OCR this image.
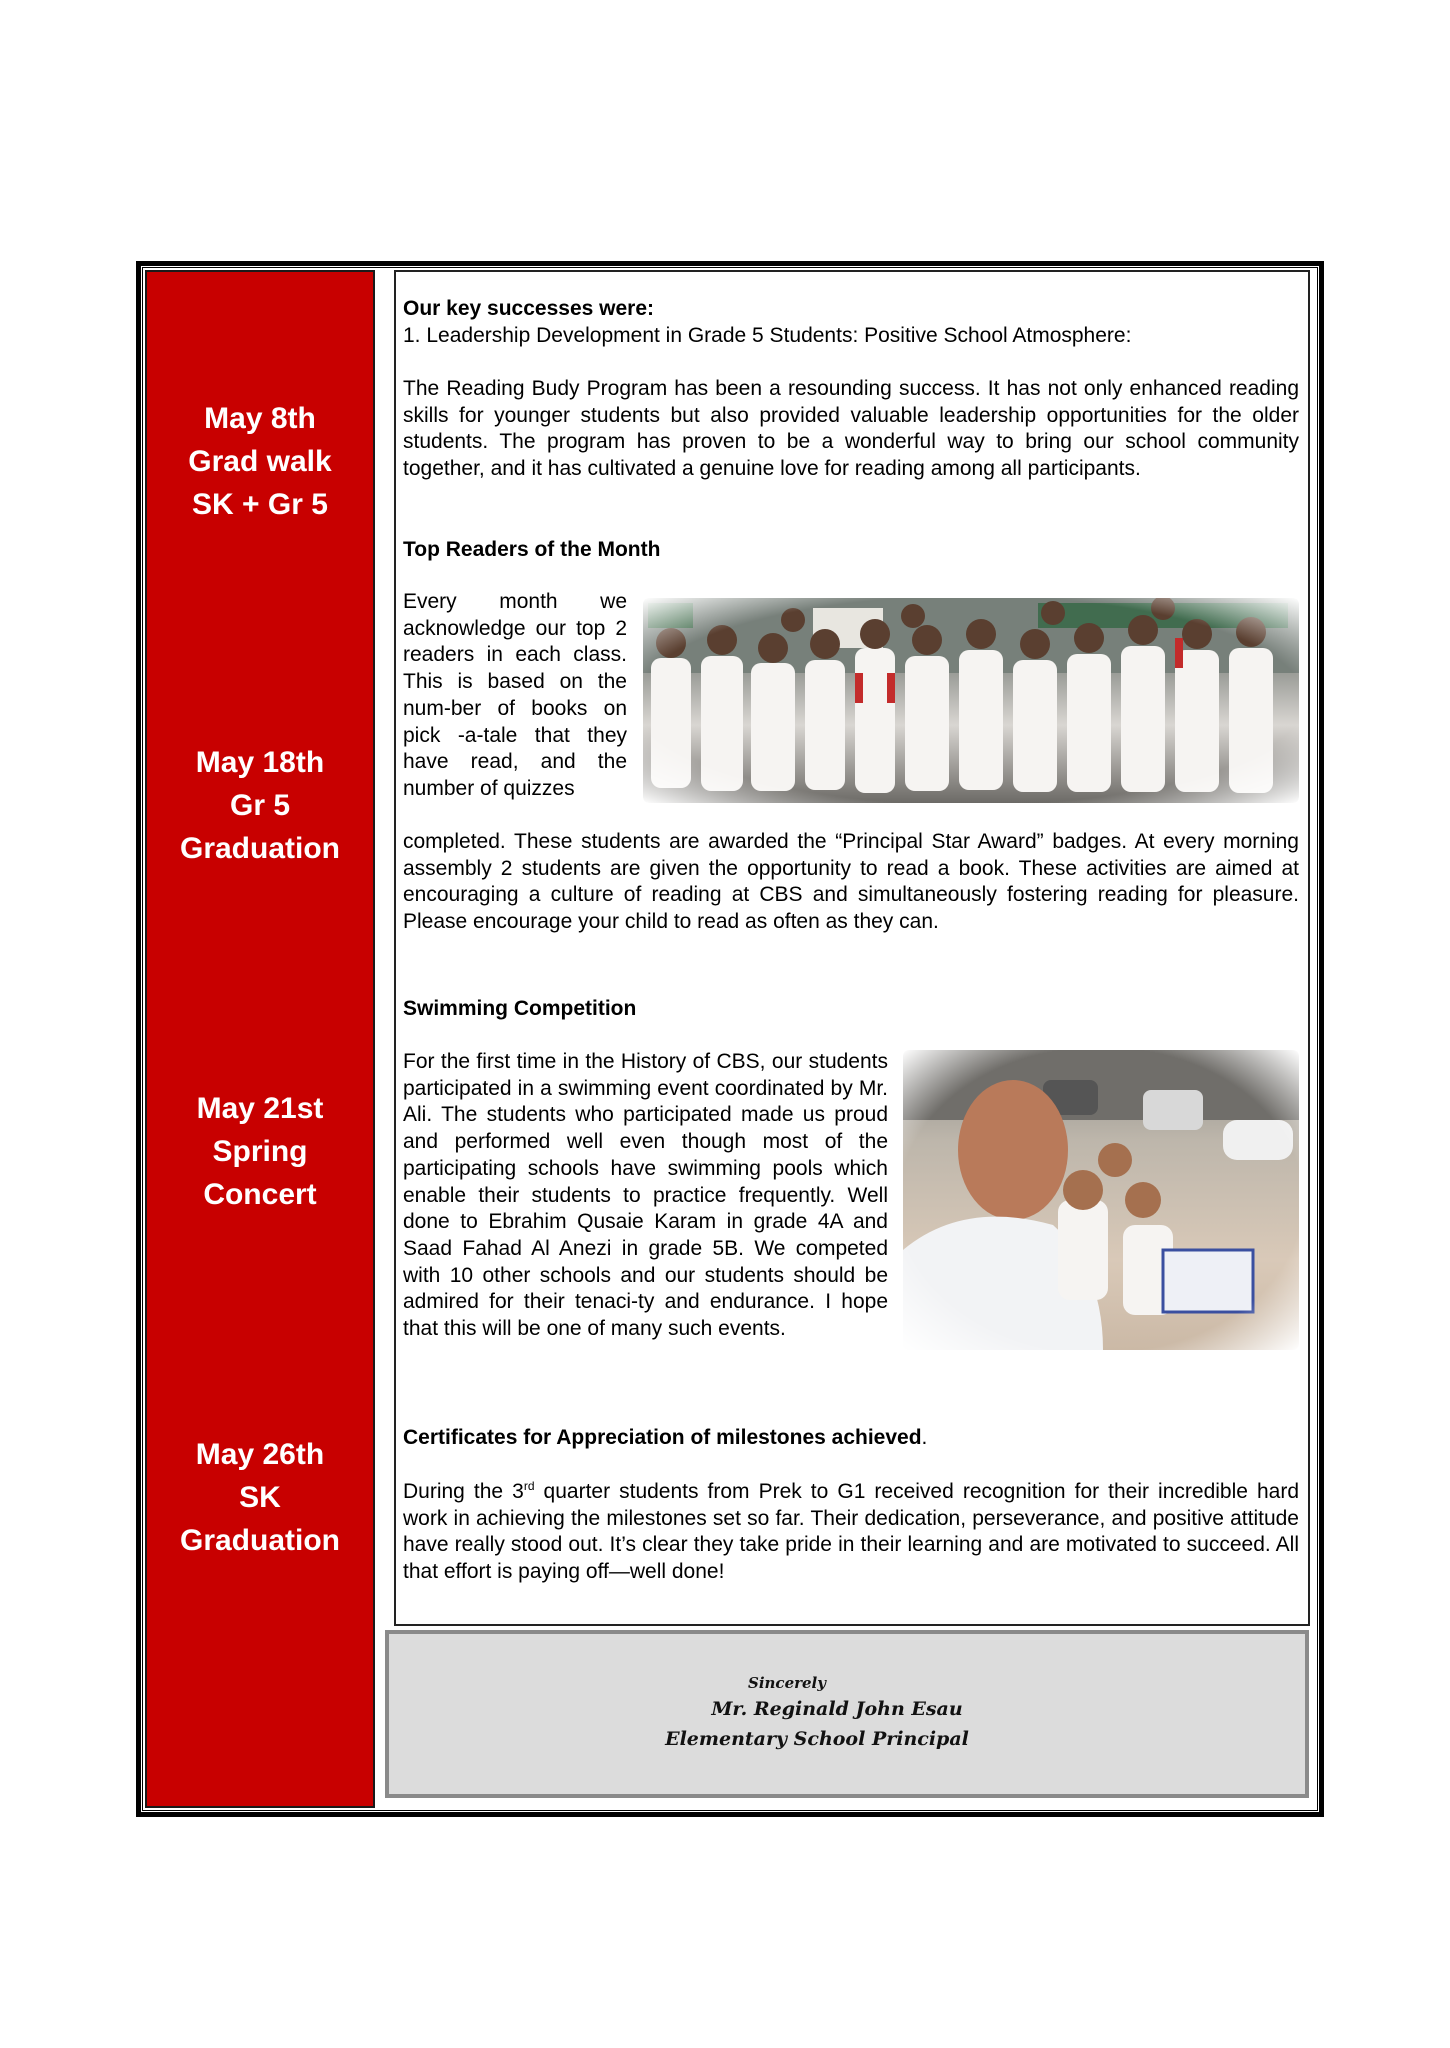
May 8th
Grad walk
SK + Gr 5
May 18th
Gr 5
Graduation
May 21st
Spring
Concert
May 26th
SK
Graduation

Our key successes were:

1. Leadership Development in Grade 5 Students: Positive School Atmosphere:

The Reading Budy Program has been a resounding success. It has not only enhanced reading skills for younger students but also provided valuable leadership opportunities for the older students. The program has proven to be a wonderful way to bring our school community together, and it has cultivated a genuine love for reading among all participants.

Top Readers of the Month

Every month we acknowledge our top 2 readers in each class. This is based on the num-ber of books on pick -a-tale that they have read, and the number of quizzes

completed. These students are awarded the “Principal Star Award” badges. At every morning assembly 2 students are given the opportunity to read a book. These activities are aimed at encouraging a culture of reading at CBS and simultaneously fostering reading for pleasure. Please encourage your child to read as often as they can.

Swimming Competition

For the first time in the History of CBS, our students participated in a swimming event coordinated by Mr. Ali. The students who participated made us proud and performed well even though most of the participating schools have swimming pools which enable their students to practice frequently. Well done to Ebrahim Qusaie Karam in grade 4A and Saad Fahad Al Anezi in grade 5B. We competed with 10 other schools and our students should be admired for their tenaci-ty and endurance. I hope that this will be one of many such events.

Certificates for Appreciation of milestones achieved.

During the 3rd quarter students from Prek to G1 received recognition for their incredible hard work in achieving the milestones set so far. Their dedication, perseverance, and positive attitude have really stood out. It’s clear they take pride in their learning and are motivated to succeed. All that effort is paying off—well done!

Sincerely
Mr. Reginald John Esau
Elementary School Principal
